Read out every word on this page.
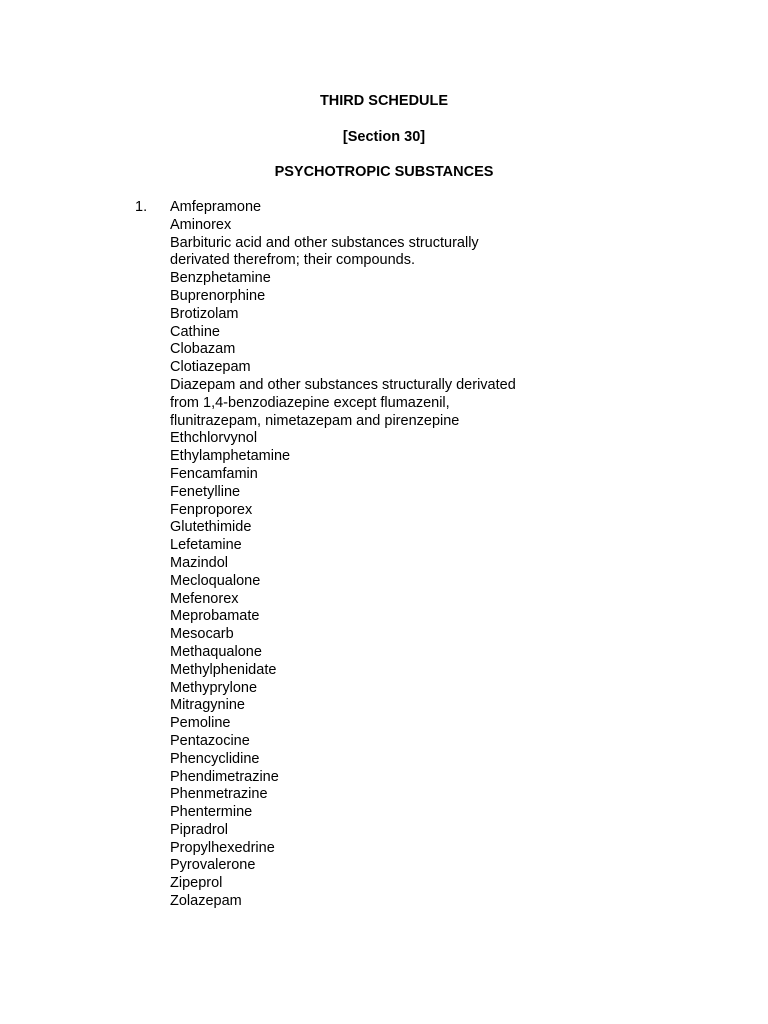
THIRD SCHEDULE
[Section 30]
PSYCHOTROPIC SUBSTANCES
1. Amfepramone
Aminorex
Barbituric acid and other substances structurally
derivated therefrom; their compounds.
Benzphetamine
Buprenorphine
Brotizolam
Cathine
Clobazam
Clotiazepam
Diazepam and other substances structurally derivated
from 1,4-benzodiazepine except flumazenil,
flunitrazepam, nimetazepam and pirenzepine
Ethchlorvynol
Ethylamphetamine
Fencamfamin
Fenetylline
Fenproporex
Glutethimide
Lefetamine
Mazindol
Mecloqualone
Mefenorex
Meprobamate
Mesocarb
Methaqualone
Methylphenidate
Methyprylone
Mitragynine
Pemoline
Pentazocine
Phencyclidine
Phendimetrazine
Phenmetrazine
Phentermine
Pipradrol
Propylhexedrine
Pyrovalerone
Zipeprol
Zolazepam
